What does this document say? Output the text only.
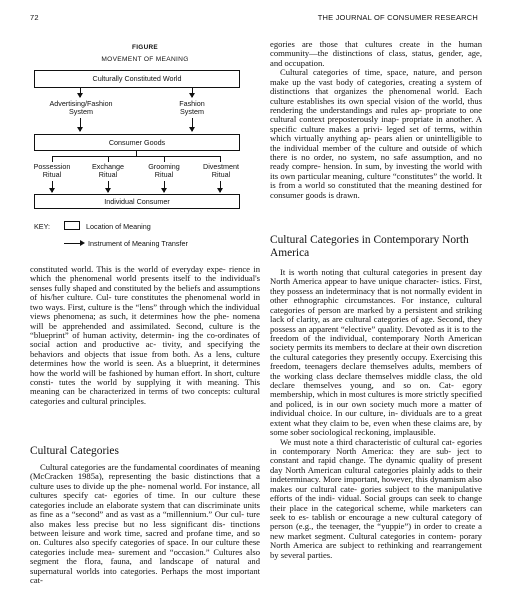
72	THE JOURNAL OF CONSUMER RESEARCH
FIGURE
MOVEMENT OF MEANING
Culturally Constituted World
Advertising/Fashion
System
Fashion
System
Consumer Goods
Possession
Ritual
Exchange
Ritual
Grooming
Ritual
Divestment
Ritual
Individual Consumer
KEY:	Location of Meaning
Instrument of Meaning Transfer

constituted world. This is the world of everyday expe- rience in which the phenomenal world presents itself to the individual's senses fully shaped and constituted by the beliefs and assumptions of his/her culture. Cul- ture constitutes the phenomenal world in two ways. First, culture is the “lens” through which the individual views phenomena; as such, it determines how the phe- nomena will be apprehended and assimilated. Second, culture is the “blueprint” of human activity, determin- ing the co-ordinates of social action and productive ac- tivity, and specifying the behaviors and objects that issue from both. As a lens, culture determines how the world is seen. As a blueprint, it determines how the world will be fashioned by human effort. In short, culture consti- tutes the world by supplying it with meaning. This meaning can be characterized in terms of two concepts: cultural categories and cultural principles.

Cultural Categories

Cultural categories are the fundamental coordinates of meaning (McCracken 1985a), representing the basic distinctions that a culture uses to divide up the phe- nomenal world. For instance, all cultures specify cat- egories of time. In our culture these categories include an elaborate system that can discriminate units as fine as a “second” and as vast as a “millennium.” Our cul- ture also makes less precise but no less significant dis- tinctions between leisure and work time, sacred and profane time, and so on. Cultures also specify categories of space. In our culture these categories include mea- surement and “occasion.” Cultures also segment the flora, fauna, and landscape of natural and supernatural worlds into categories. Perhaps the most important cat-

egories are those that cultures create in the human community—the distinctions of class, status, gender, age, and occupation.

Cultural categories of time, space, nature, and person make up the vast body of categories, creating a system of distinctions that organizes the phenomenal world. Each culture establishes its own special vision of the world, thus rendering the understandings and rules ap- propriate to one cultural context preposterously inap- propriate in another. A specific culture makes a privi- leged set of terms, within which virtually anything ap- pears alien or unintelligible to the individual member of the culture and outside of which there is no order, no system, no safe assumption, and no ready compre- hension. In sum, by investing the world with its own particular meaning, culture “constitutes” the world. It is from a world so constituted that the meaning destined for consumer goods is drawn.

Cultural Categories in Contemporary North America

It is worth noting that cultural categories in present day North America appear to have unique character- istics. First, they possess an indeterminacy that is not normally evident in other ethnographic circumstances. For instance, cultural categories of person are marked by a persistent and striking lack of clarity, as are cultural categories of age. Second, they possess an apparent “elective” quality. Devoted as it is to the freedom of the individual, contemporary North American society permits its members to declare at their own discretion the cultural categories they presently occupy. Exercising this freedom, teenagers declare themselves adults, members of the working class declare themselves middle class, the old declare themselves young, and so on. Cat- egory membership, which in most cultures is more strictly specified and policed, is in our own society much more a matter of individual choice. In our culture, in- dividuals are to a great extent what they claim to be, even when these claims are, by some sober sociological reckoning, implausible.

We must note a third characteristic of cultural cat- egories in contemporary North America: they are sub- ject to constant and rapid change. The dynamic quality of present day North American cultural categories plainly adds to their indeterminacy. More important, however, this dynamism also makes our cultural cate- gories subject to the manipulative efforts of the indi- vidual. Social groups can seek to change their place in the categorical scheme, while marketers can seek to es- tablish or encourage a new cultural category of person (e.g., the teenager, the “yuppie”) in order to create a new market segment. Cultural categories in contem- porary North America are subject to rethinking and rearrangement by several parties.
